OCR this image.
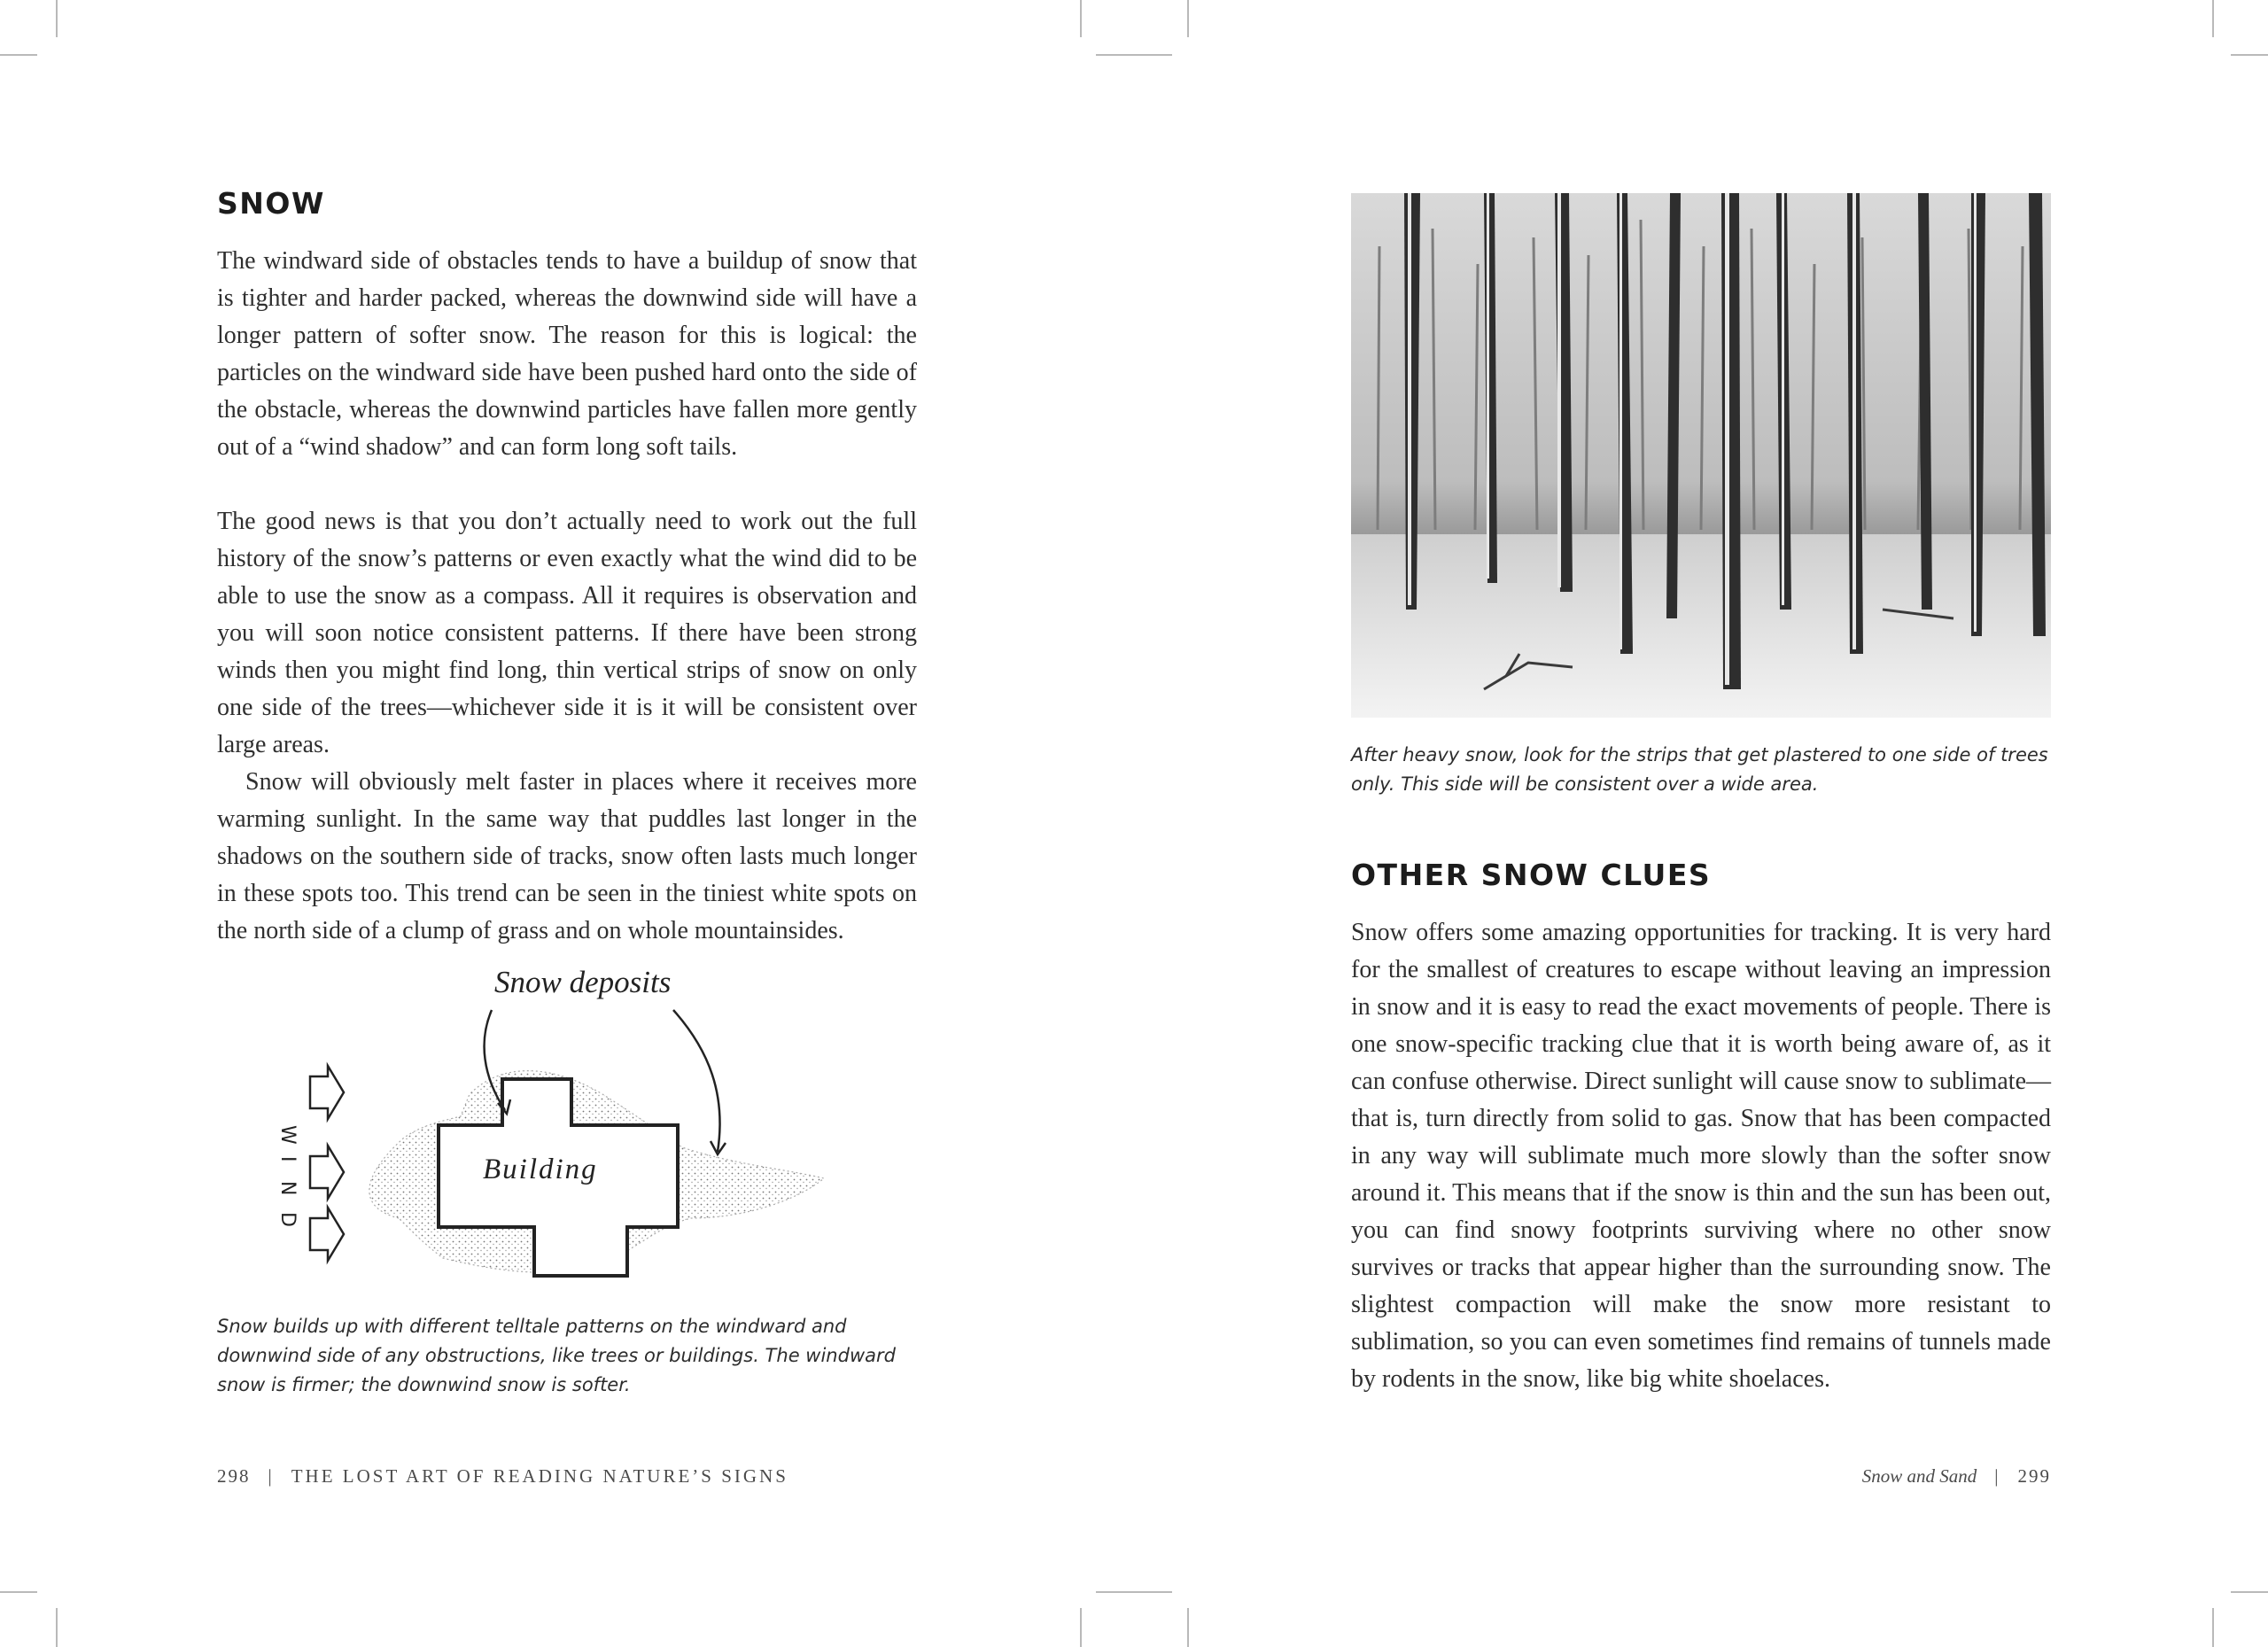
SNOW

The windward side of obstacles tends to have a buildup of snow that is tighter and harder packed, whereas the downwind side will have a longer pattern of softer snow. The reason for this is logical: the particles on the windward side have been pushed hard onto the side of the obstacle, whereas the downwind particles have fallen more gently out of a “wind shadow” and can form long soft tails.

The good news is that you don’t actually need to work out the full history of the snow’s patterns or even exactly what the wind did to be able to use the snow as a compass. All it requires is observation and you will soon notice consistent patterns. If there have been strong winds then you might find long, thin vertical strips of snow on only one side of the trees—whichever side it is it will be consistent over large areas.

Snow will obviously melt faster in places where it receives more warming sunlight. In the same way that puddles last longer in the shadows on the southern side of tracks, snow often lasts much longer in these spots too. This trend can be seen in the tiniest white spots on the north side of a clump of grass and on whole mountainsides.

Building
Snow deposits
W
I
N
D
Snow builds up with different telltale patterns on the windward and downwind side of any obstructions, like trees or buildings. The windward snow is firmer; the downwind snow is softer.
298 | THE LOST ART OF READING NATURE’S SIGNS
After heavy snow, look for the strips that get plastered to one side of trees only. This side will be consistent over a wide area.
OTHER SNOW CLUES

Snow offers some amazing opportunities for tracking. It is very hard for the smallest of creatures to escape without leaving an impression in snow and it is easy to read the exact movements of people. There is one snow-specific tracking clue that it is worth being aware of, as it can confuse otherwise. Direct sunlight will cause snow to sublimate—that is, turn directly from solid to gas. Snow that has been compacted in any way will sublimate much more slowly than the softer snow around it. This means that if the snow is thin and the sun has been out, you can find snowy footprints surviving where no other snow survives or tracks that appear higher than the surrounding snow. The slightest compaction will make the snow more resistant to sublimation, so you can even sometimes find remains of tunnels made by rodents in the snow, like big white shoelaces.

Snow and Sand | 299
